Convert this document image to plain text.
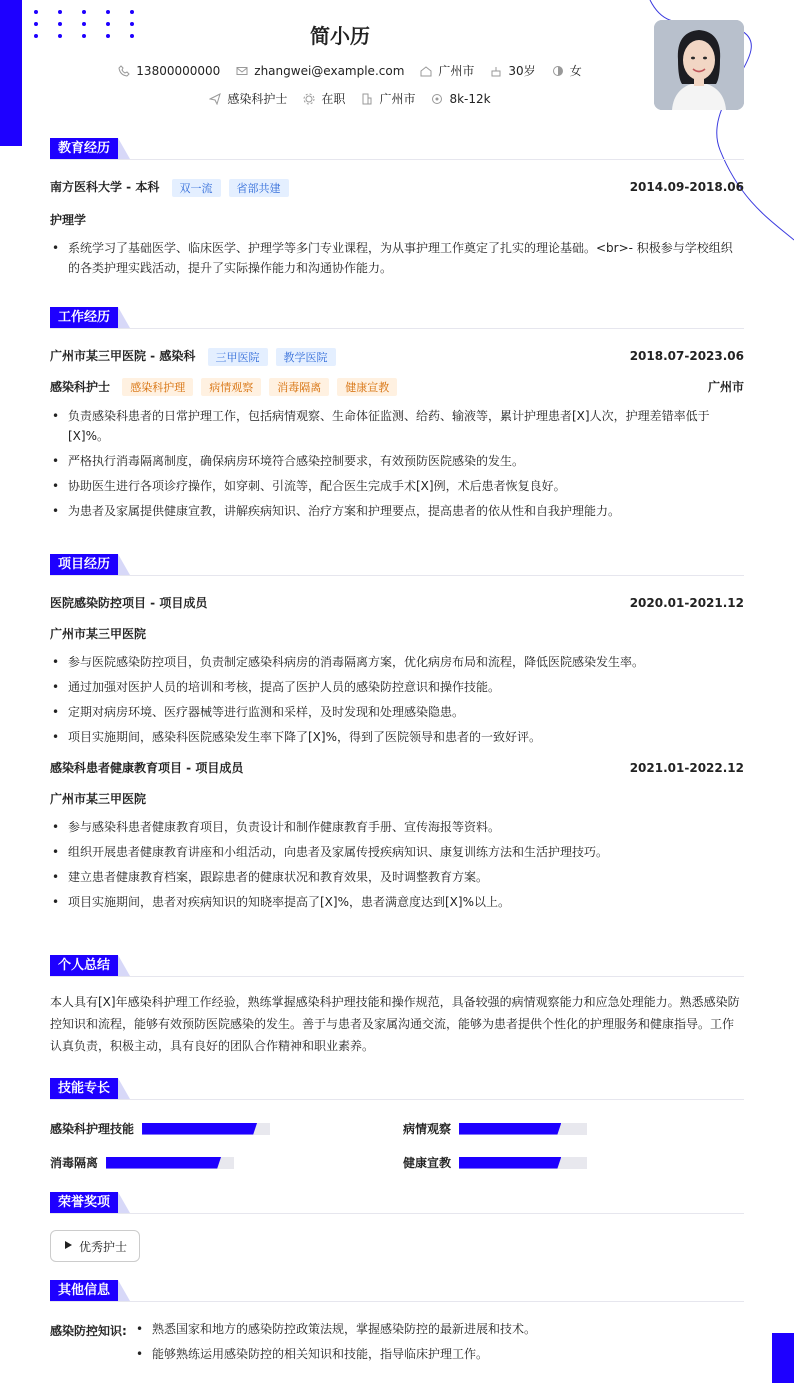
简小历
13800000000	zhangwei@example.com	广州市	30岁	女
感染科护士	在职	广州市	8k-12k
教育经历
南方医科大学 - 本科	双一流	省部共建	2014.09-2018.06
护理学
• 系统学习了基础医学、临床医学、护理学等多门专业课程，为从事护理工作奠定了扎实的理论基础。<br>- 积极参与学校组织的各类护理实践活动，提升了实际操作能力和沟通协作能力。
工作经历
广州市某三甲医院 - 感染科	三甲医院	教学医院	2018.07-2023.06
感染科护士	感染科护理	病情观察	消毒隔离	健康宣教	广州市
• 负责感染科患者的日常护理工作，包括病情观察、生命体征监测、给药、输液等，累计护理患者[X]人次，护理差错率低于[X]%。
• 严格执行消毒隔离制度，确保病房环境符合感染控制要求，有效预防医院感染的发生。
• 协助医生进行各项诊疗操作，如穿刺、引流等，配合医生完成手术[X]例，术后患者恢复良好。
• 为患者及家属提供健康宣教，讲解疾病知识、治疗方案和护理要点，提高患者的依从性和自我护理能力。
项目经历
医院感染防控项目 - 项目成员	2020.01-2021.12
广州市某三甲医院
• 参与医院感染防控项目，负责制定感染科病房的消毒隔离方案，优化病房布局和流程，降低医院感染发生率。
• 通过加强对医护人员的培训和考核，提高了医护人员的感染防控意识和操作技能。
• 定期对病房环境、医疗器械等进行监测和采样，及时发现和处理感染隐患。
• 项目实施期间，感染科医院感染发生率下降了[X]%，得到了医院领导和患者的一致好评。
感染科患者健康教育项目 - 项目成员	2021.01-2022.12
广州市某三甲医院
• 参与感染科患者健康教育项目，负责设计和制作健康教育手册、宣传海报等资料。
• 组织开展患者健康教育讲座和小组活动，向患者及家属传授疾病知识、康复训练方法和生活护理技巧。
• 建立患者健康教育档案，跟踪患者的健康状况和教育效果，及时调整教育方案。
• 项目实施期间，患者对疾病知识的知晓率提高了[X]%，患者满意度达到[X]%以上。
个人总结
本人具有[X]年感染科护理工作经验，熟练掌握感染科护理技能和操作规范，具备较强的病情观察能力和应急处理能力。熟悉感染防控知识和流程，能够有效预防医院感染的发生。善于与患者及家属沟通交流，能够为患者提供个性化的护理服务和健康指导。工作认真负责，积极主动，具有良好的团队合作精神和职业素养。
技能专长
感染科护理技能	病情观察
消毒隔离	健康宣教
荣誉奖项
优秀护士
其他信息
感染防控知识:
•	熟悉国家和地方的感染防控政策法规，掌握感染防控的最新进展和技术。
• 能够熟练运用感染防控的相关知识和技能，指导临床护理工作。
